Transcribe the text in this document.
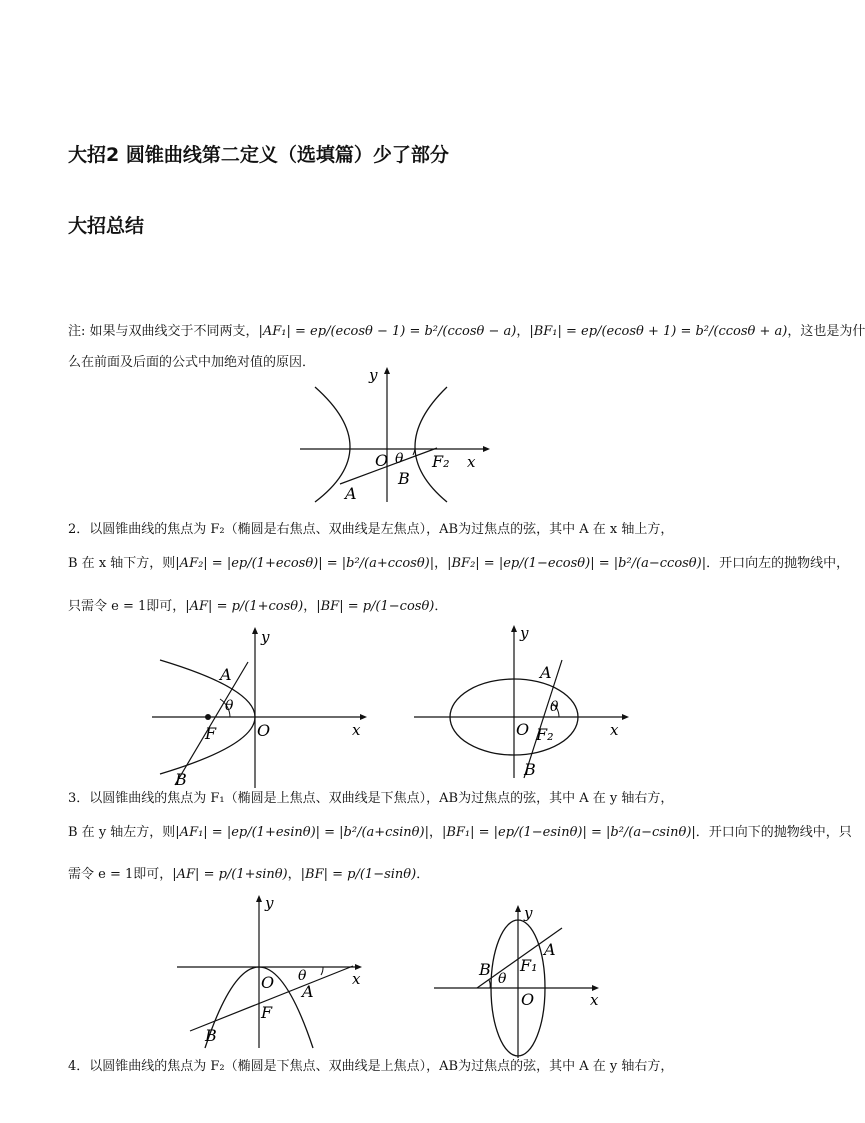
大招2 圆锥曲线第二定义（选填篇）少了部分
大招总结
注: 如果与双曲线交于不同两支，|AF₁| = ep/(ecosθ − 1) = b²/(ccosθ − a)，|BF₁| = ep/(ecosθ + 1) = b²/(ccosθ + a)，这也是为什
么在前面及后面的公式中加绝对值的原因．
O θ F₂ x
y
A
B
2．以圆锥曲线的焦点为 F₂（椭圆是右焦点、双曲线是左焦点），AB为过焦点的弦，其中 A 在 x 轴上方，
B 在 x 轴下方，则|AF₂| = |ep/(1+ecosθ)| = |b²/(a+ccosθ)|，|BF₂| = |ep/(1−ecosθ)| = |b²/(a−ccosθ)|．开口向左的抛物线中，
只需令 e = 1即可，|AF| = p/(1+cosθ)，|BF| = p/(1−cosθ)．
A
θ
F	O	x
y
B
A
θ
O F₂	x
y
B
3．以圆锥曲线的焦点为 F₁（椭圆是上焦点、双曲线是下焦点），AB为过焦点的弦，其中 A 在 y 轴右方，
B 在 y 轴左方，则|AF₁| = |ep/(1+esinθ)| = |b²/(a+csinθ)|，|BF₁| = |ep/(1−esinθ)| = |b²/(a−csinθ)|．开口向下的抛物线中，只
需令 e = 1即可，|AF| = p/(1+sinθ)，|BF| = p/(1−sinθ)．
θ
O A
F
B
x
y
B θ
F₁
A
O	x
y
4．以圆锥曲线的焦点为 F₂（椭圆是下焦点、双曲线是上焦点），AB为过焦点的弦，其中 A 在 y 轴右方，
